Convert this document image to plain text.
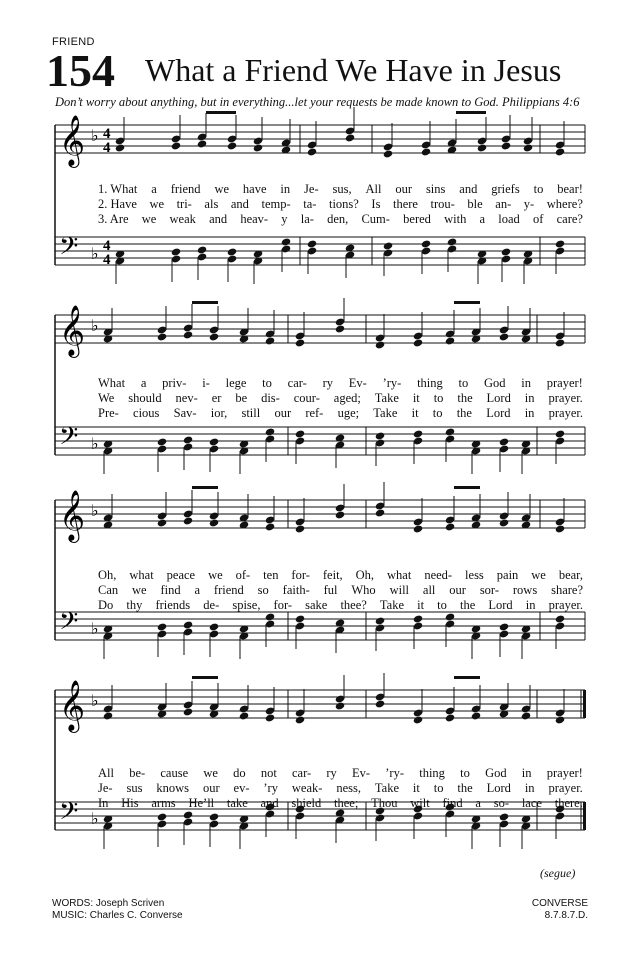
FRIEND
154 What a Friend We Have in Jesus
Don’t worry about anything, but in everything...let your requests be made known to God. Philippians 4:6
𝄞
𝄢
♭
♭
4
4
4
4
𝄞
𝄢
♭
♭
𝄞
𝄢
♭
♭
𝄞
𝄢
♭
♭
1. What a friend we have in Je- sus, All our sins and griefs to bear!
2. Have we tri- als and temp- ta- tions? Is there trou- ble an- y- where?
3. Are we weak and heav- y la- den, Cum- bered with a load of care?
What a priv- i- lege to car- ry Ev- ’ry- thing to God in prayer!
We should nev- er be dis- cour- aged; Take it to the Lord in prayer.
Pre- cious Sav- ior, still our ref- uge; Take it to the Lord in prayer.
Oh, what peace we of- ten for- feit, Oh, what need- less pain we bear,
Can we find a friend so faith- ful Who will all our sor- rows share?
Do thy friends de- spise, for- sake thee? Take it to the Lord in prayer.
All be- cause we do not car- ry Ev- ’ry- thing to God in prayer!
Je- sus knows our ev- ’ry weak- ness, Take it to the Lord in prayer.
In His arms He’ll take and shield thee; Thou wilt find a so- lace there.
(segue)
WORDS: Joseph Scriven
MUSIC: Charles C. Converse
CONVERSE
8.7.8.7.D.
